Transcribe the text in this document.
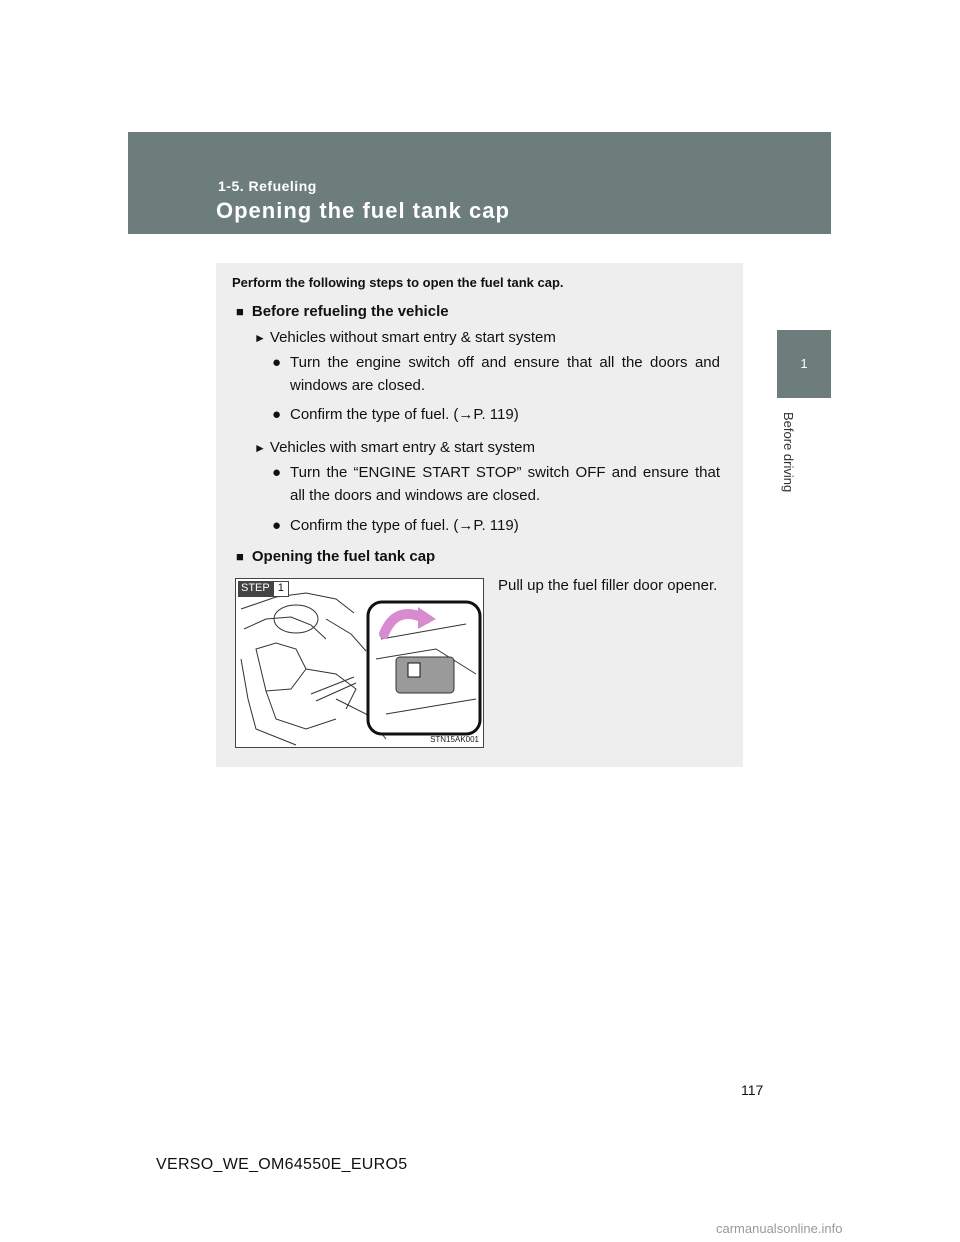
1-5. Refueling
Opening the fuel tank cap
1
Before driving
Perform the following steps to open the fuel tank cap.
■ Before refueling the vehicle
► Vehicles without smart entry & start system
● Turn the engine switch off and ensure that all the doors and windows are closed.
● Confirm the type of fuel. (→P. 119)
► Vehicles with smart entry & start system
● Turn the “ENGINE START STOP” switch OFF and ensure that all the doors and windows are closed.
● Confirm the type of fuel. (→P. 119)
■ Opening the fuel tank cap
STEP 1
STN15AK001
Pull up the fuel filler door opener.
117
VERSO_WE_OM64550E_EURO5
carmanualsonline.info
